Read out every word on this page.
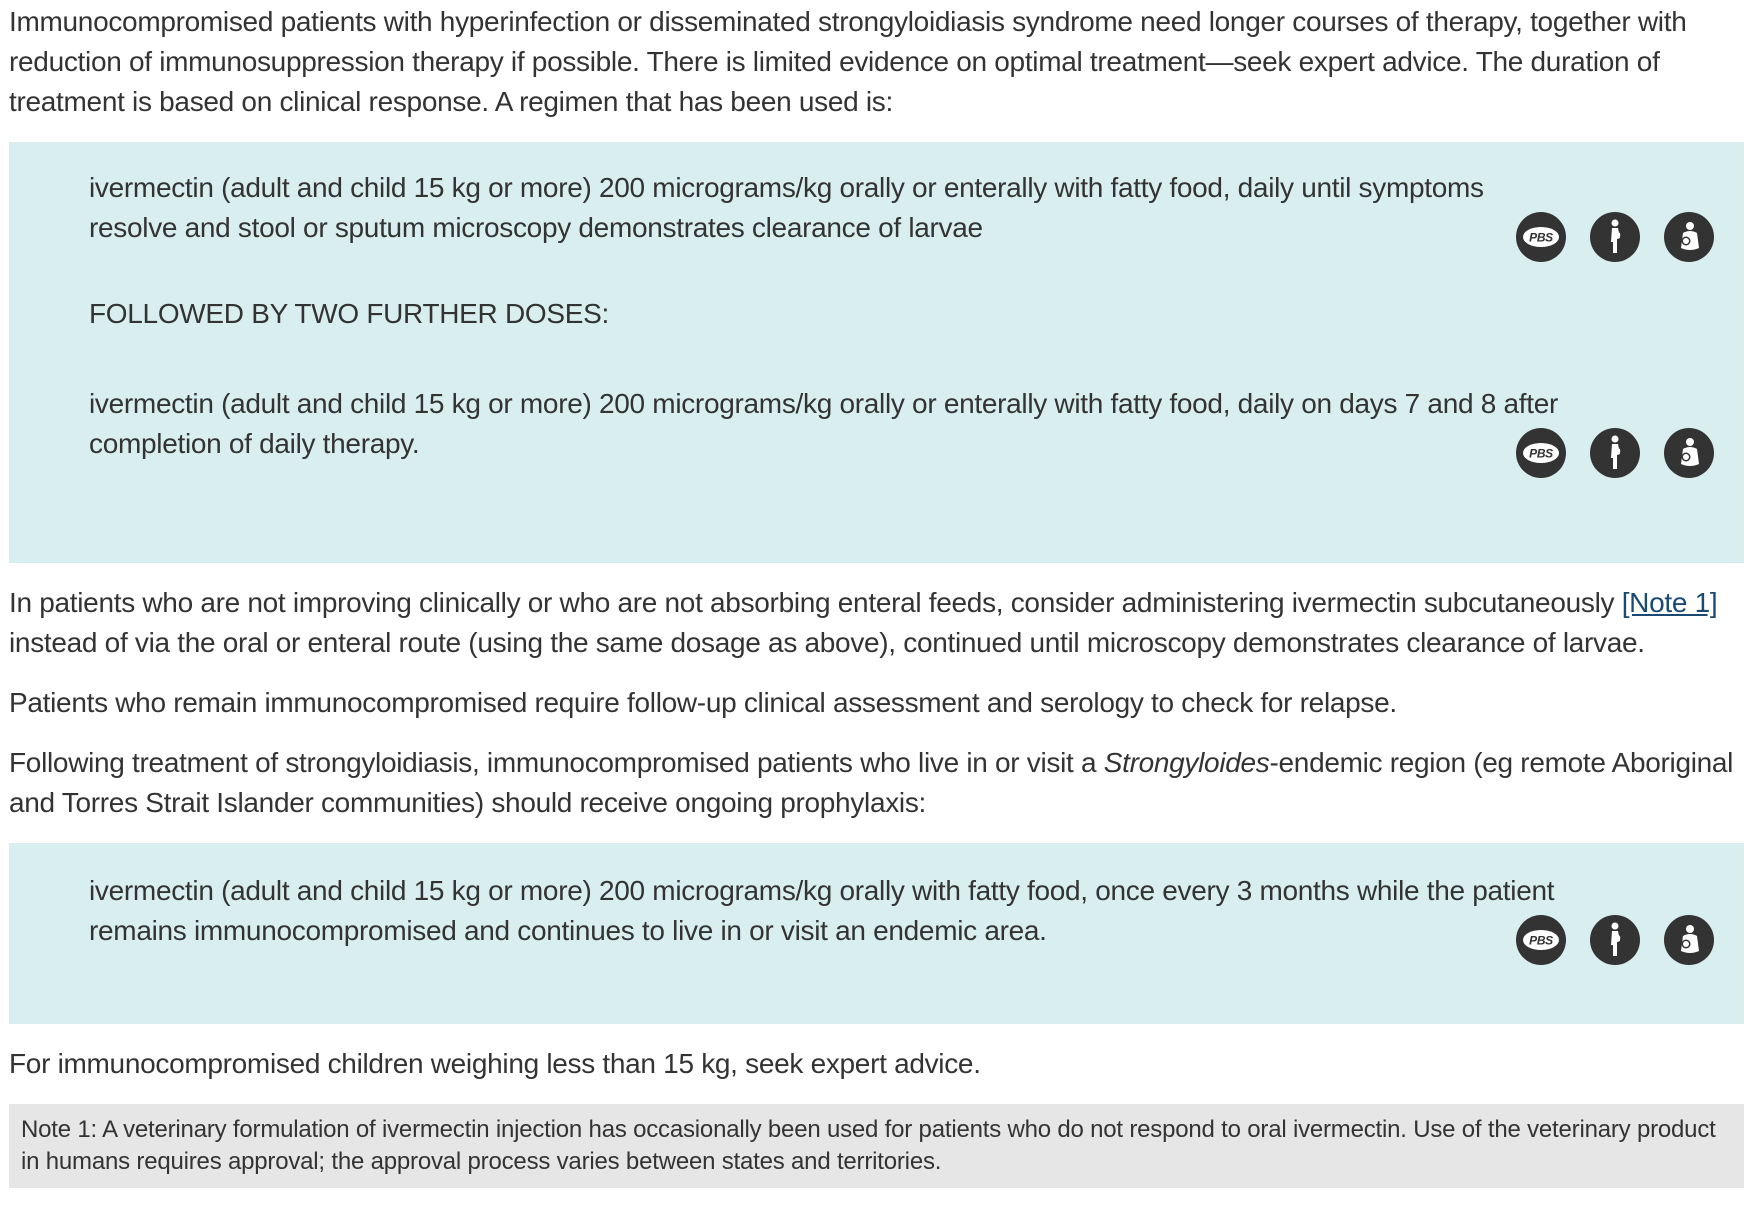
Immunocompromised patients with hyperinfection or disseminated strongyloidiasis syndrome need longer courses of therapy, together with reduction of immunosuppression therapy if possible. There is limited evidence on optimal treatment—seek expert advice. The duration of treatment is based on clinical response. A regimen that has been used is:

ivermectin (adult and child 15 kg or more) 200 micrograms/kg orally or enterally with fatty food, daily until symptoms resolve and stool or sputum microscopy demonstrates clearance of larvae	PBS

FOLLOWED BY TWO FURTHER DOSES:

ivermectin (adult and child 15 kg or more) 200 micrograms/kg orally or enterally with fatty food, daily on days 7 and 8 after completion of daily therapy.	PBS

In patients who are not improving clinically or who are not absorbing enteral feeds, consider administering ivermectin subcutaneously [Note 1] instead of via the oral or enteral route (using the same dosage as above), continued until microscopy demonstrates clearance of larvae.

Patients who remain immunocompromised require follow-up clinical assessment and serology to check for relapse.

Following treatment of strongyloidiasis, immunocompromised patients who live in or visit a Strongyloides-endemic region (eg remote Aboriginal and Torres Strait Islander communities) should receive ongoing prophylaxis:

ivermectin (adult and child 15 kg or more) 200 micrograms/kg orally with fatty food, once every 3 months while the patient remains immunocompromised and continues to live in or visit an endemic area.	PBS

For immunocompromised children weighing less than 15 kg, seek expert advice.

Note 1: A veterinary formulation of ivermectin injection has occasionally been used for patients who do not respond to oral ivermectin. Use of the veterinary product in humans requires approval; the approval process varies between states and territories.
